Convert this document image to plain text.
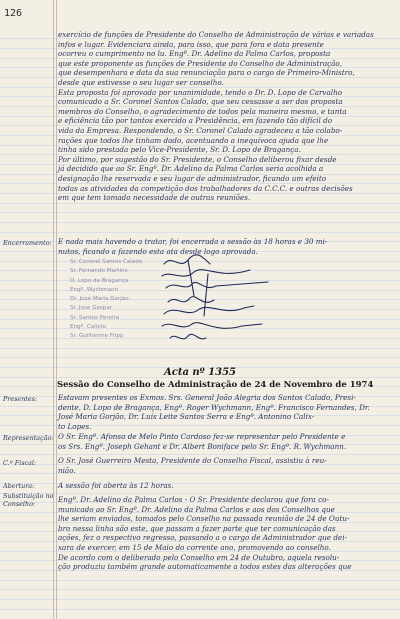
126
exercício de funções de Presidente do Conselho de Administração de várias e variadas
infos e lugar. Evidenciara ainda, para isso, que para fora e data presente
ocorreu o cumprimento no lu. Engº. Dr. Adelino da Palma Carlos, proposta
que este proponente as funções de Presidente do Conselho de Administração,
que desempenhara e data da sua renunciação para o cargo de Primeiro-Ministro,
desde que estivesse o seu lugar ser conselho.
Esta proposta foi aprovada por unanimidade, tendo o Dr. D. Lopo de Carvalho
comunicado a Sr. Coronel Santos Calado, que seu cessasse a ser dos proposta
membros do Conselho, o agradecimento de todos pela maneira mesmo, e tanta
e eficiência tão por tantos exercido a Presidência, em fazendo tão difícil do
vida da Empresa. Respondendo, o Sr. Coronel Calado agradeceu a tão colabo-
rações que todos lhe tinham dado, acentuando a inequívoca ajuda que lhe
tinha sido prestada pelo Vice-Presidente, Sr. D. Lopo de Bragança.
Por último, por sugestão do Sr. Presidente, o Conselho deliberou fixar desde
já decidido que ao Sr. Engº. Dr. Adelino da Palma Carlos seria acolhida a
designação lhe reservada e seu lugar de administrador, ficando um efeito
todas as atividades da competição dos trabalhadores da C.C.C. e outras decisões
em que tem tomado necessidade de outras reuniões.
Encerramento: E nada mais havendo a tratar, foi encerrada a sessão às 18 horas e 30 mi-
nutos, ficando a fazendo esta ata desde logo aprovada.
Sr. Coronel Santos Calado
Sr. Fernando Martins
D. Lopo de Bragança
Engº. Wychmann
Dr. José Maria Gorjão
Sr. José Gaspar
Sr. Santos Pereira
Engº. Calixto
Sr. Guilherme Fripp
Acta nº 1355
Sessão do Conselho de Administração de 24 de Novembro de 1974
Presentes:	Estavam presentes os Exmos. Srs. General João Alegria dos Santos Calado, Presi-
dente, D. Lopo de Bragança, Engº. Roger Wychmann, Engº. Francisco Fernandes, Dr.
José Maria Gorjão, Dr. Luís Leite Santos Serra e Engº. Antonino Calix-
to Lopes.
Representação: O Sr. Engº. Afonso de Melo Pinto Cardoso fez-se representar pelo Presidente e
os Srs. Engº. Joseph Gehant e Dr. Albert Boniface pelo Sr. Engº. R. Wychmann.
C.º Fiscal:	O Sr. José Guerreiro Mesta, Presidente do Conselho Fiscal, assistiu à reu-
nião.
Abertura:	A sessão foi aberta às 12 horas.
Substituição no Conselho:	Engº. Dr. Adelino da Palma Carlos - O Sr. Presidente declarou que fora co-
municado ao Sr. Engº. Dr. Adelino da Palma Carlos e aos dos Conselhos que
lhe seriam enviados, tomados pelo Conselho na passada reunião de 24 de Outu-
bro nessa linha são este, que passam a fazer parte que ter comunicação das
ações, fez o respectivo regresso, passando a o cargo de Administrador que dei-
xara de exercer, em 15 de Maio do corrente ano, promovendo ao conselho.
De acordo com o deliberado pelo Conselho em 24 de Outubro, aquela resolu-
ção produziu também grande automaticamente a todos estes das alterações que
